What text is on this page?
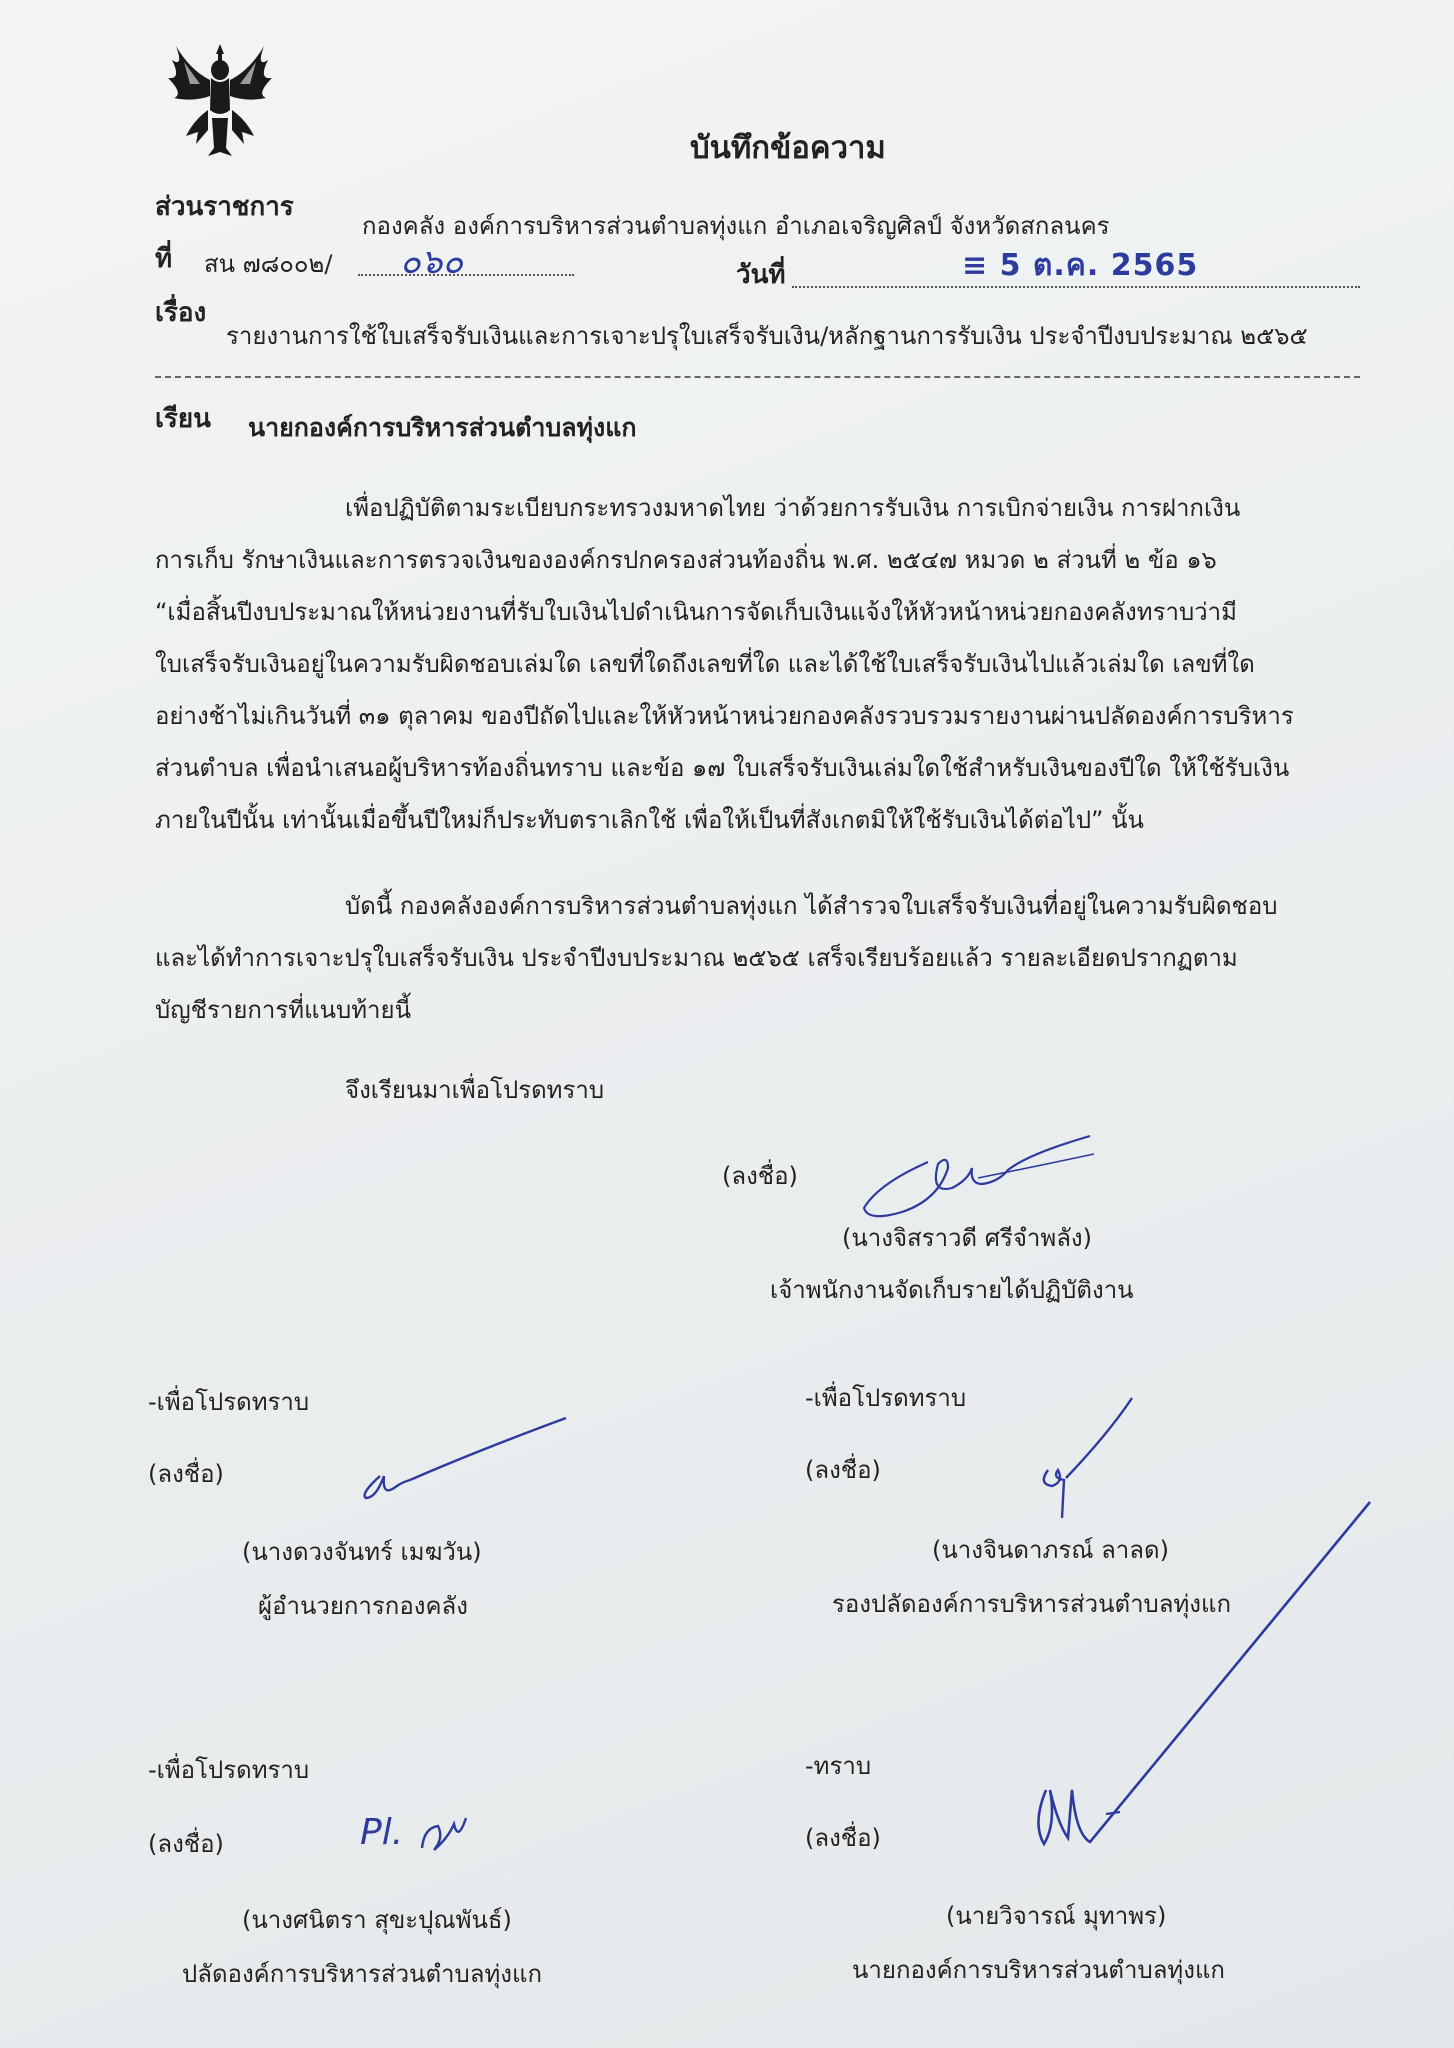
บันทึกข้อความ
ส่วนราชการ
กองคลัง องค์การบริหารส่วนตำบลทุ่งแก อำเภอเจริญศิลป์ จังหวัดสกลนคร
ที่ สน ๗๘๐๐๒/ ๐๖๐	วันที่	≡ 5 ต.ค. 2565
เรื่อง
รายงานการใช้ใบเสร็จรับเงินและการเจาะปรุใบเสร็จรับเงิน/หลักฐานการรับเงิน ประจำปีงบประมาณ ๒๕๖๕
เรียน นายกองค์การบริหารส่วนตำบลทุ่งแก
เพื่อปฏิบัติตามระเบียบกระทรวงมหาดไทย ว่าด้วยการรับเงิน การเบิกจ่ายเงิน การฝากเงิน
การเก็บ รักษาเงินและการตรวจเงินขององค์กรปกครองส่วนท้องถิ่น พ.ศ. ๒๕๔๗ หมวด ๒ ส่วนที่ ๒ ข้อ ๑๖
“เมื่อสิ้นปีงบประมาณให้หน่วยงานที่รับใบเงินไปดำเนินการจัดเก็บเงินแจ้งให้หัวหน้าหน่วยกองคลังทราบว่ามี
ใบเสร็จรับเงินอยู่ในความรับผิดชอบเล่มใด เลขที่ใดถึงเลขที่ใด และได้ใช้ใบเสร็จรับเงินไปแล้วเล่มใด เลขที่ใด
อย่างช้าไม่เกินวันที่ ๓๑ ตุลาคม ของปีถัดไปและให้หัวหน้าหน่วยกองคลังรวบรวมรายงานผ่านปลัดองค์การบริหาร
ส่วนตำบล เพื่อนำเสนอผู้บริหารท้องถิ่นทราบ และข้อ ๑๗ ใบเสร็จรับเงินเล่มใดใช้สำหรับเงินของปีใด ให้ใช้รับเงิน
ภายในปีนั้น เท่านั้นเมื่อขึ้นปีใหม่ก็ประทับตราเลิกใช้ เพื่อให้เป็นที่สังเกตมิให้ใช้รับเงินได้ต่อไป” นั้น
บัดนี้ กองคลังองค์การบริหารส่วนตำบลทุ่งแก ได้สำรวจใบเสร็จรับเงินที่อยู่ในความรับผิดชอบ
และได้ทำการเจาะปรุใบเสร็จรับเงิน ประจำปีงบประมาณ ๒๕๖๕ เสร็จเรียบร้อยแล้ว รายละเอียดปรากฏตาม
บัญชีรายการที่แนบท้ายนี้
จึงเรียนมาเพื่อโปรดทราบ
(ลงชื่อ)
(นางจิสราวดี ศรีจำพลัง)
เจ้าพนักงานจัดเก็บรายได้ปฏิบัติงาน
-เพื่อโปรดทราบ
(ลงชื่อ)
(นางดวงจันทร์ เมฆวัน)
ผู้อำนวยการกองคลัง
-เพื่อโปรดทราบ
(ลงชื่อ)
(นางจินดาภรณ์ ลาลด)
รองปลัดองค์การบริหารส่วนตำบลทุ่งแก
-เพื่อโปรดทราบ
(ลงชื่อ)	Pl.
(นางศนิตรา สุขะปุณพันธ์)
ปลัดองค์การบริหารส่วนตำบลทุ่งแก
-ทราบ
(ลงชื่อ)
(นายวิจารณ์ มุทาพร)
นายกองค์การบริหารส่วนตำบลทุ่งแก
